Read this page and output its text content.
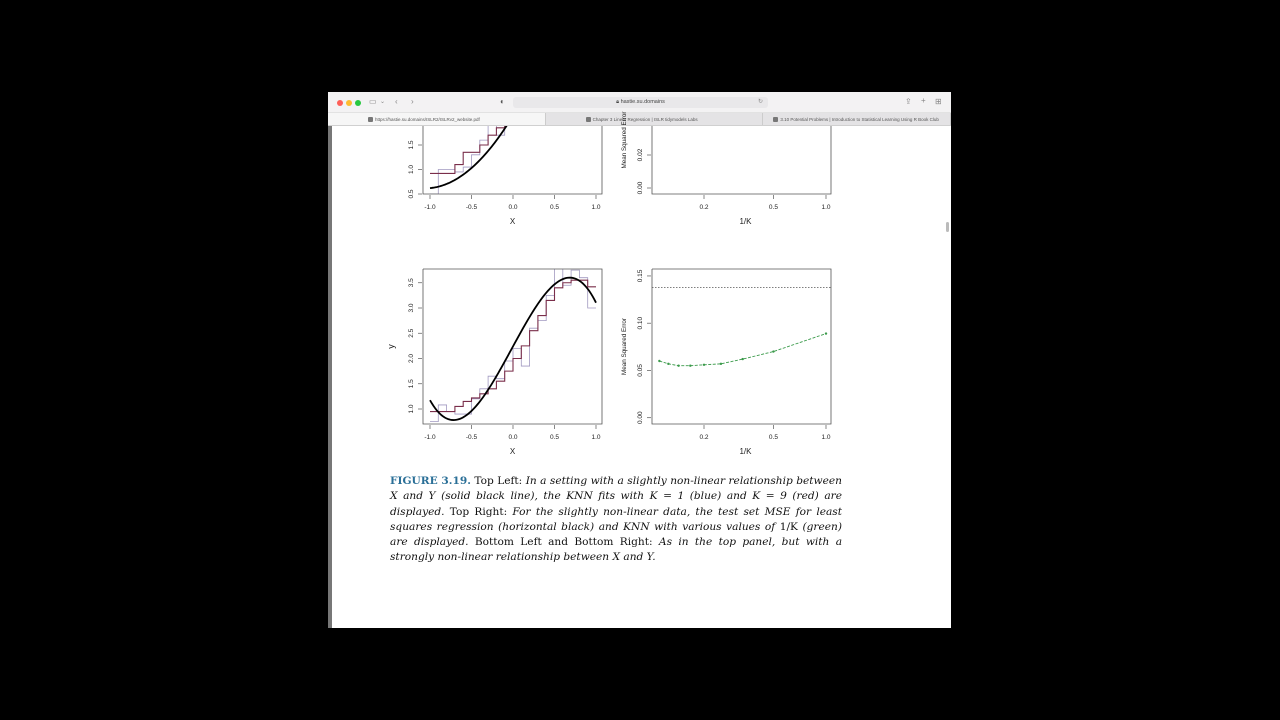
▭ ⌄ ‹ ›	◐	🔒︎ hastie.su.domains	↻	⇪ + ⊞
https://hastie.su.domains/ISLR2/ISLRv2_website.pdf	Chapter 3 Linear Regression | ISLR tidymodels Labs	3.10 Potential Problems | Introduction to Statistical Learning Using R Book Club
-1.0	-0.5	0.0	0.5	1.0
0.5
1.0
1.5
X
0.2	0.5	1.0
0.00
0.02
1/K
Mean Squared Error
-1.0	-0.5	0.0	0.5	1.0
1.0
1.5
2.0
2.5
3.0
3.5
X
y
0.2	0.5	1.0
0.00
0.05
0.10
0.15
1/K
Mean Squared Error
FIGURE 3.19. Top Left: In a setting with a slightly non-linear relationship between X and Y (solid black line), the KNN fits with K = 1 (blue) and K = 9 (red) are displayed. Top Right: For the slightly non-linear data, the test set MSE for least squares regression (horizontal black) and KNN with various values of 1/K (green) are displayed. Bottom Left and Bottom Right: As in the top panel, but with a strongly non-linear relationship between X and Y.
